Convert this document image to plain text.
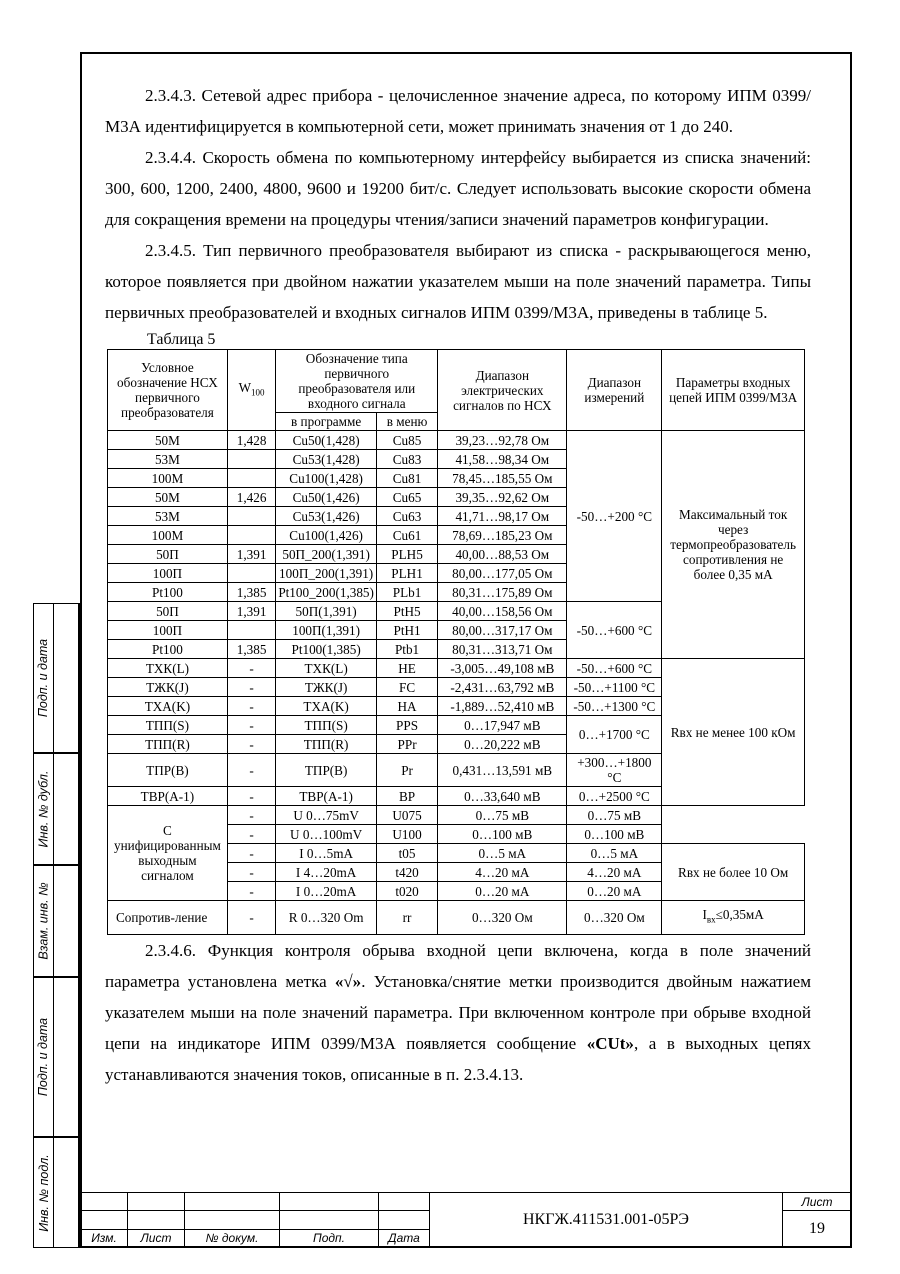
2.3.4.3. Сетевой адрес прибора - целочисленное значение адреса, по которому ИПМ 0399/М3А идентифицируется в компьютерной сети, может принимать значения от 1 до 240.

2.3.4.4. Скорость обмена по компьютерному интерфейсу выбирается из списка значений: 300, 600, 1200, 2400, 4800, 9600 и 19200 бит/с. Следует использовать высокие скорости обмена для сокращения времени на процедуры чтения/записи значений параметров конфигурации.

2.3.4.5. Тип первичного преобразователя выбирают из списка - раскрывающегося меню, которое появляется при двойном нажатии указателем мыши на поле значений параметра. Типы первичных преобразователей и входных сигналов ИПМ 0399/М3А, приведены в таблице 5.

Таблица 5
Условное обозначение НСХ первичного преобразователя	$W_{100}$	Обозначение типа первичного преобразователя или входного сигнала		Диапазон электрических сигналов по НСХ	Диапазон измерений	Параметры входных цепей ИПМ 0399/М3А
		в программе	в меню			
50М	1,428	Cu50(1,428)	Cu85	39,23…92,78 Ом	-50…+200 °C	Максимальный ток через термопреобразователь сопротивления не более 0,35 мА
53М		Cu53(1,428)	Cu83	41,58…98,34 Ом		
100М		Cu100(1,428)	Cu81	78,45…185,55 Ом		
50М	1,426	Cu50(1,426)	Cu65	39,35…92,62 Ом		
53М		Cu53(1,426)	Cu63	41,71…98,17 Ом		
100М		Cu100(1,426)	Cu61	78,69…185,23 Ом		
50П	1,391	50П_200(1,391)	PLH5	40,00…88,53 Ом		
100П		100П_200(1,391)	PLH1	80,00…177,05 Ом		
Pt100	1,385	Pt100_200(1,385)	PLb1	80,31…175,89 Ом		
50П	1,391	50П(1,391)	PtH5	40,00…158,56 Ом	-50…+600 °C	
100П		100П(1,391)	PtH1	80,00…317,17 Ом		
Pt100	1,385	Pt100(1,385)	Ptb1	80,31…313,71 Ом		
ТХК(L)	-	ТХК(L)	HE	-3,005…49,108 мВ	-50…+600 °C	Rвх не менее 100 кОм
ТЖК(J)	-	ТЖК(J)	FC	-2,431…63,792 мВ	-50…+1100 °C	
ТХА(K)	-	ТХА(K)	HA	-1,889…52,410 мВ	-50…+1300 °C	
ТПП(S)	-	ТПП(S)	PPS	0…17,947 мВ	0…+1700 °C	
ТПП(R)	-	ТПП(R)	PPr	0…20,222 мВ		
ТПР(B)	-	ТПР(B)	Pr	0,431…13,591 мВ	+300…+1800 °C	
ТВР(А-1)	-	ТВР(А-1)	BP	0…33,640 мВ	0…+2500 °C	
С унифицированным выходным сигналом	-	U 0…75mV	U075	0…75 мВ	0…75 мВ	
	-	U 0…100mV	U100	0…100 мВ	0…100 мВ	
	-	I 0…5mA	t05	0…5 мА	0…5 мА	Rвх не более 10 Ом
	-	I 4…20mA	t420	4…20 мА	4…20 мА	
	-	I 0…20mA	t020	0…20 мА	0…20 мА	
Сопротив-ление	-	R 0…320 Om	rr	0…320 Ом	0…320 Ом	$I_{вх}\le 0,35мА$

2.3.4.6. Функция контроля обрыва входной цепи включена, когда в поле значений параметра установлена метка «√». Установка/снятие метки производится двойным нажатием указателем мыши на поле значений параметра. При включенном контроле при обрыве входной цепи на индикаторе ИПМ 0399/М3А появляется сообщение «CUt», а в выходных цепях устанавливаются значения токов, описанные в п. 2.3.4.13.

Подп. и дата
Инв. № дубл.
Взам. инв. №
Подп. и дата
Инв. № подл.
						НКГЖ.411531.001-05РЭ	Лист
						19
Изм.	Лист	№ докум.	Подп.	Дата		
